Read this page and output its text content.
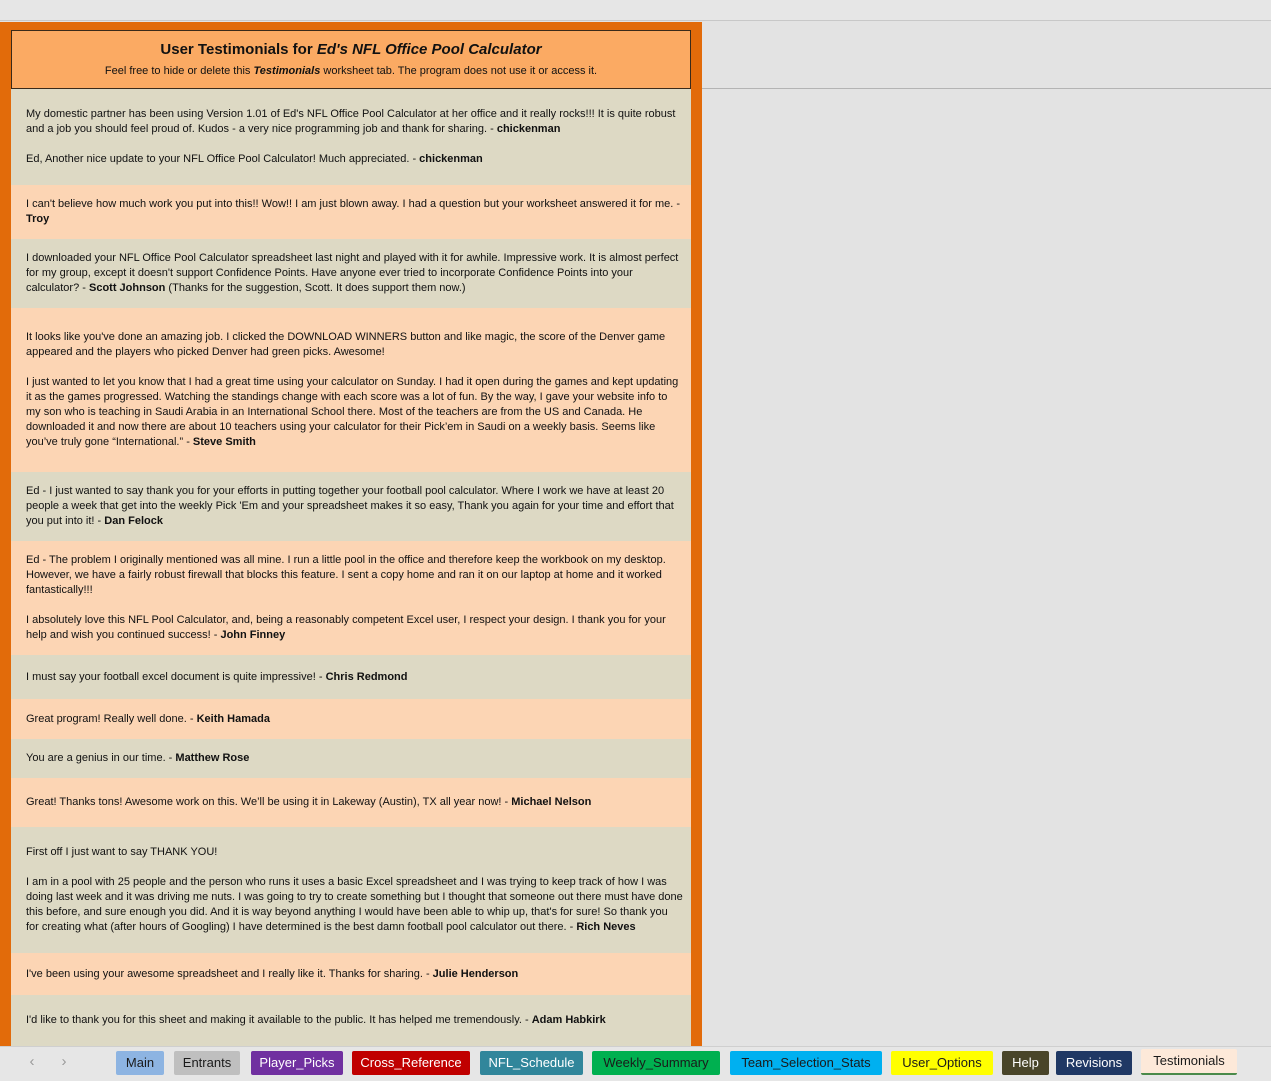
User Testimonials for Ed's NFL Office Pool Calculator
Feel free to hide or delete this Testimonials worksheet tab. The program does not use it or access it.

My domestic partner has been using Version 1.01 of Ed's NFL Office Pool Calculator at her office and it really rocks!!! It is quite robust and a job you should feel proud of. Kudos - a very nice programming job and thank for sharing. - chickenman

Ed, Another nice update to your NFL Office Pool Calculator! Much appreciated. - chickenman

I can't believe how much work you put into this!! Wow!! I am just blown away. I had a question but your worksheet answered it for me. - Troy

I downloaded your NFL Office Pool Calculator spreadsheet last night and played with it for awhile. Impressive work. It is almost perfect for my group, except it doesn't support Confidence Points. Have anyone ever tried to incorporate Confidence Points into your calculator? - Scott Johnson (Thanks for the suggestion, Scott. It does support them now.)

It looks like you've done an amazing job. I clicked the DOWNLOAD WINNERS button and like magic, the score of the Denver game appeared and the players who picked Denver had green picks. Awesome!

I just wanted to let you know that I had a great time using your calculator on Sunday. I had it open during the games and kept updating it as the games progressed. Watching the standings change with each score was a lot of fun. By the way, I gave your website info to my son who is teaching in Saudi Arabia in an International School there. Most of the teachers are from the US and Canada. He downloaded it and now there are about 10 teachers using your calculator for their Pick’em in Saudi on a weekly basis. Seems like you’ve truly gone “International.” - Steve Smith

Ed - I just wanted to say thank you for your efforts in putting together your football pool calculator. Where I work we have at least 20 people a week that get into the weekly Pick 'Em and your spreadsheet makes it so easy, Thank you again for your time and effort that you put into it! - Dan Felock

Ed - The problem I originally mentioned was all mine. I run a little pool in the office and therefore keep the workbook on my desktop. However, we have a fairly robust firewall that blocks this feature. I sent a copy home and ran it on our laptop at home and it worked fantastically!!!

I absolutely love this NFL Pool Calculator, and, being a reasonably competent Excel user, I respect your design. I thank you for your help and wish you continued success! - John Finney

I must say your football excel document is quite impressive! - Chris Redmond

Great program! Really well done. - Keith Hamada

You are a genius in our time. - Matthew Rose

Great! Thanks tons! Awesome work on this. We’ll be using it in Lakeway (Austin), TX all year now! - Michael Nelson

First off I just want to say THANK YOU!

I am in a pool with 25 people and the person who runs it uses a basic Excel spreadsheet and I was trying to keep track of how I was doing last week and it was driving me nuts. I was going to try to create something but I thought that someone out there must have done this before, and sure enough you did. And it is way beyond anything I would have been able to whip up, that's for sure! So thank you for creating what (after hours of Googling) I have determined is the best damn football pool calculator out there. - Rich Neves

I've been using your awesome spreadsheet and I really like it. Thanks for sharing. - Julie Henderson

I'd like to thank you for this sheet and making it available to the public. It has helped me tremendously. - Adam Habkirk

‹	›	Main	Entrants	Player_Picks	Cross_Reference	NFL_Schedule	Weekly_Summary	Team_Selection_Stats	User_Options	Help	Revisions	Testimonials
